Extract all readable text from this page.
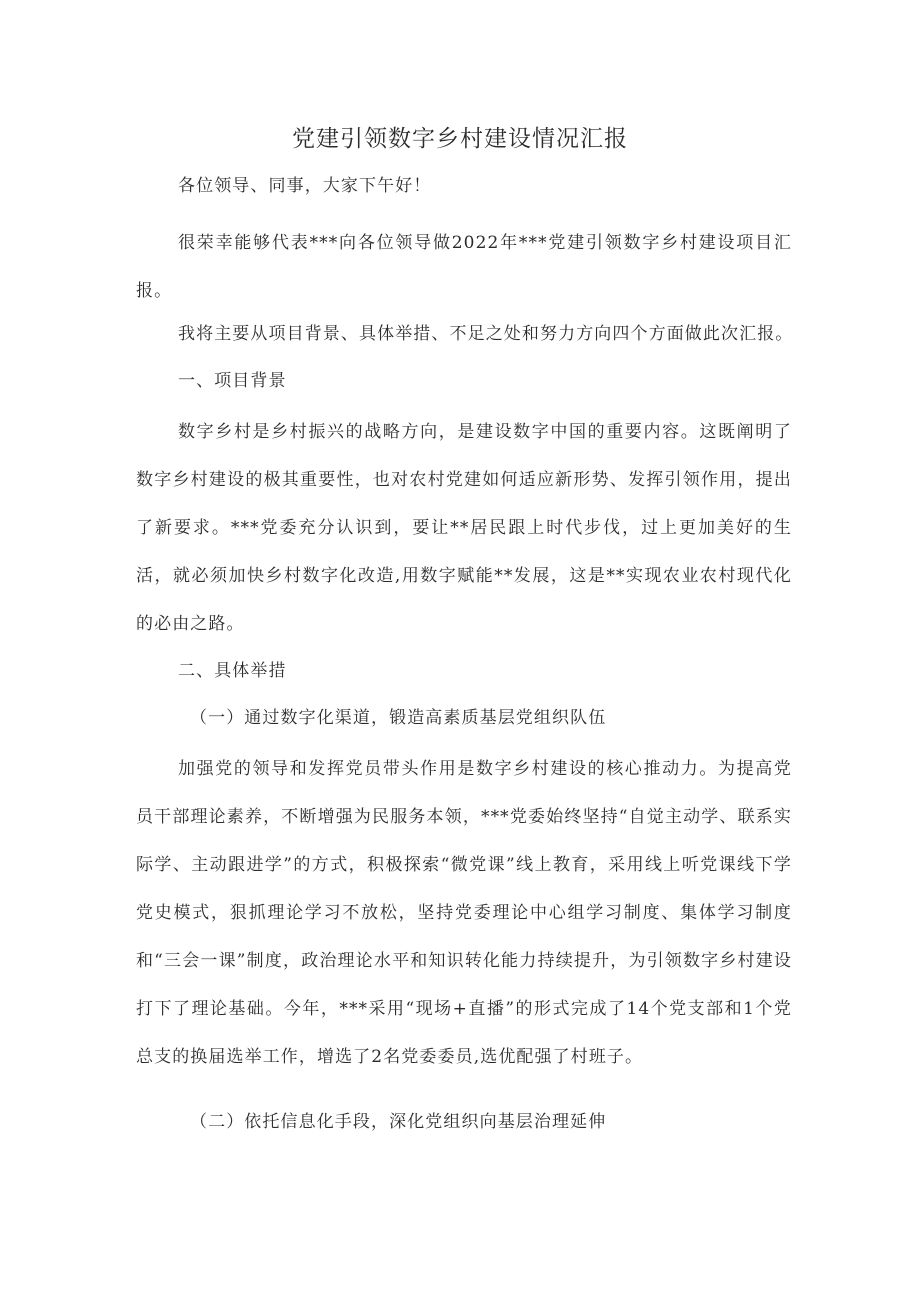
党建引领数字乡村建设情况汇报
各位领导、同事，大家下午好！
很荣幸能够代表***向各位领导做2022年***党建引领数字乡村建设项目汇报。
我将主要从项目背景、具体举措、不足之处和努力方向四个方面做此次汇报。
一、项目背景
数字乡村是乡村振兴的战略方向，是建设数字中国的重要内容。这既阐明了数字乡村建设的极其重要性，也对农村党建如何适应新形势、发挥引领作用，提出了新要求。***党委充分认识到，要让**居民跟上时代步伐，过上更加美好的生活，就必须加快乡村数字化改造,用数字赋能**发展，这是**实现农业农村现代化的必由之路。
二、具体举措
（一）通过数字化渠道，锻造高素质基层党组织队伍
加强党的领导和发挥党员带头作用是数字乡村建设的核心推动力。为提高党员干部理论素养，不断增强为民服务本领，***党委始终坚持“自觉主动学、联系实际学、主动跟进学”的方式，积极探索“微党课”线上教育，采用线上听党课线下学党史模式，狠抓理论学习不放松，坚持党委理论中心组学习制度、集体学习制度和“三会一课”制度，政治理论水平和知识转化能力持续提升，为引领数字乡村建设打下了理论基础。今年，***采用“现场+直播”的形式完成了14个党支部和1个党总支的换届选举工作，增选了2名党委委员,选优配强了村班子。
（二）依托信息化手段，深化党组织向基层治理延伸
